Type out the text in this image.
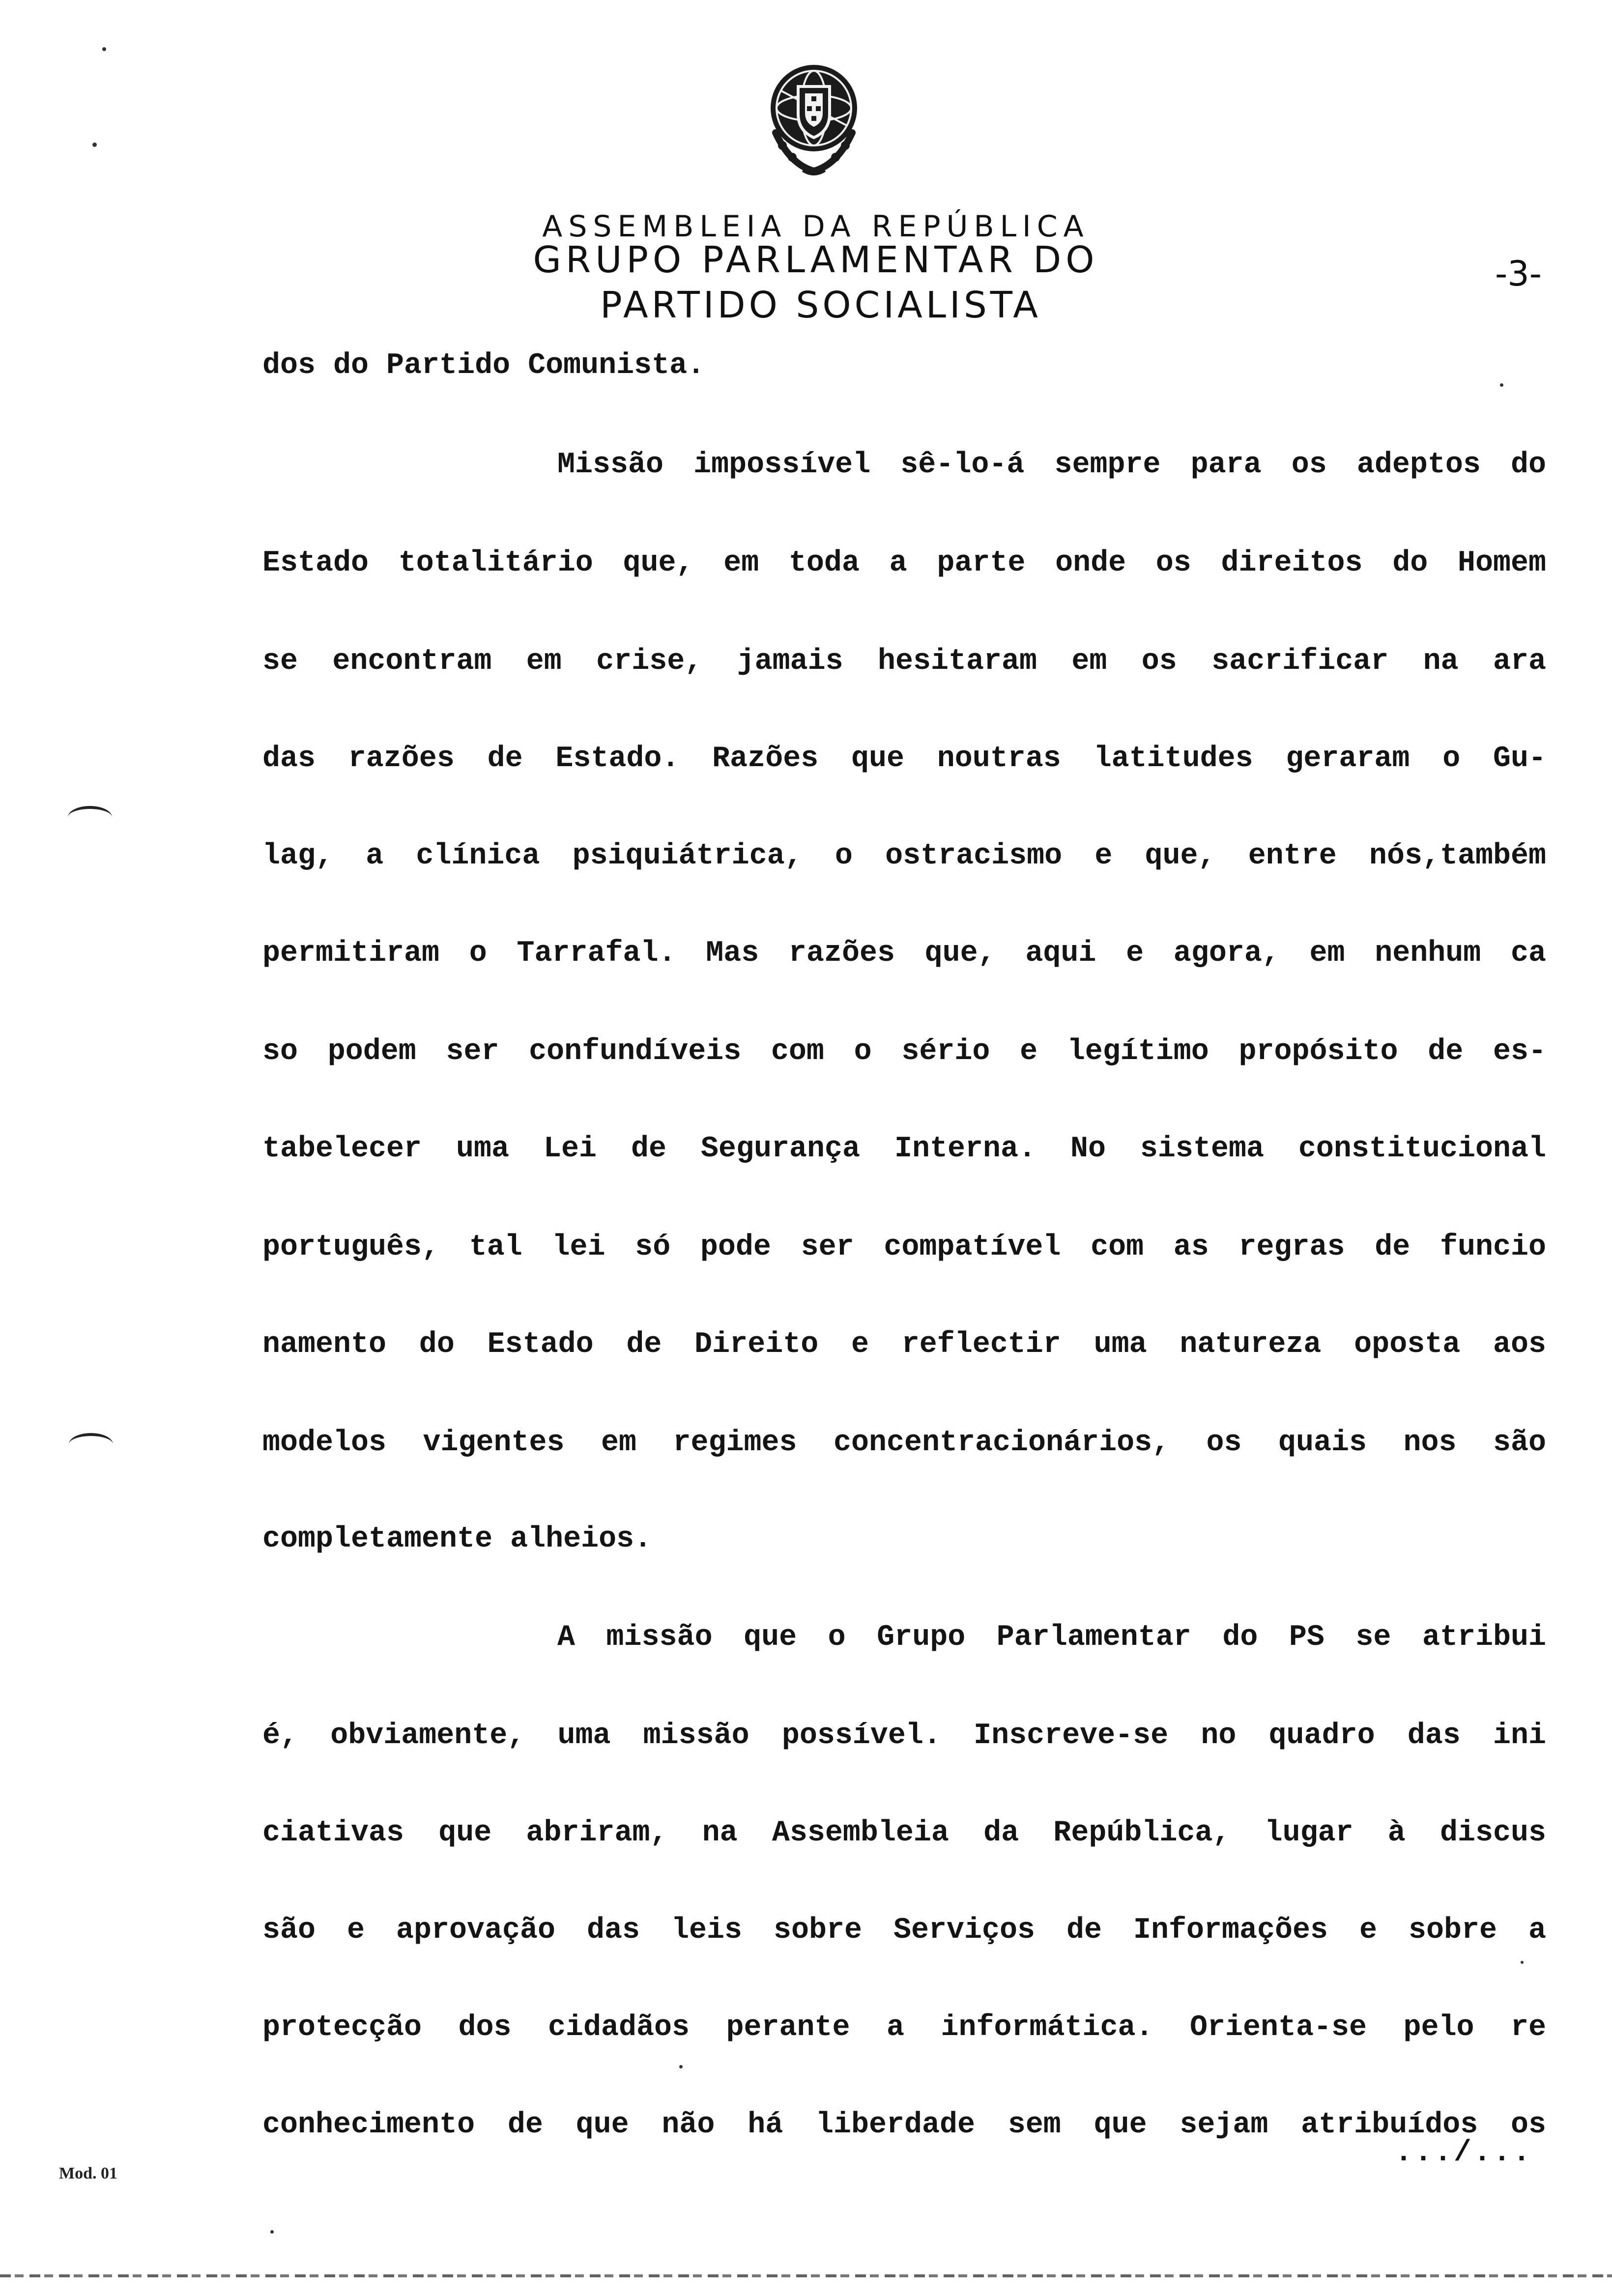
ASSEMBLEIA DA REPÚBLICA
GRUPO PARLAMENTAR DO
PARTIDO SOCIALISTA
-3-
dos do Partido Comunista.
Missão impossível sê-lo-á sempre para os adeptos do
Estado totalitário que, em toda a parte onde os direitos do Homem
se encontram em crise, jamais hesitaram em os sacrificar na ara
das razões de Estado. Razões que noutras latitudes geraram o Gu-
lag, a clínica psiquiátrica, o ostracismo e que, entre nós,também
permitiram o Tarrafal. Mas razões que, aqui e agora, em nenhum ca
so podem ser confundíveis com o sério e legítimo propósito de es-
tabelecer uma Lei de Segurança Interna. No sistema constitucional
português, tal lei só pode ser compatível com as regras de funcio
namento do Estado de Direito e reflectir uma natureza oposta aos
modelos vigentes em regimes concentracionários, os quais nos são
completamente alheios.
A missão que o Grupo Parlamentar do PS se atribui
é, obviamente, uma missão possível. Inscreve-se no quadro das ini
ciativas que abriram, na Assembleia da República, lugar à discus
são e aprovação das leis sobre Serviços de Informações e sobre a
protecção dos cidadãos perante a informática. Orienta-se pelo re
conhecimento de que não há liberdade sem que sejam atribuídos os
.../...
Mod. 01
